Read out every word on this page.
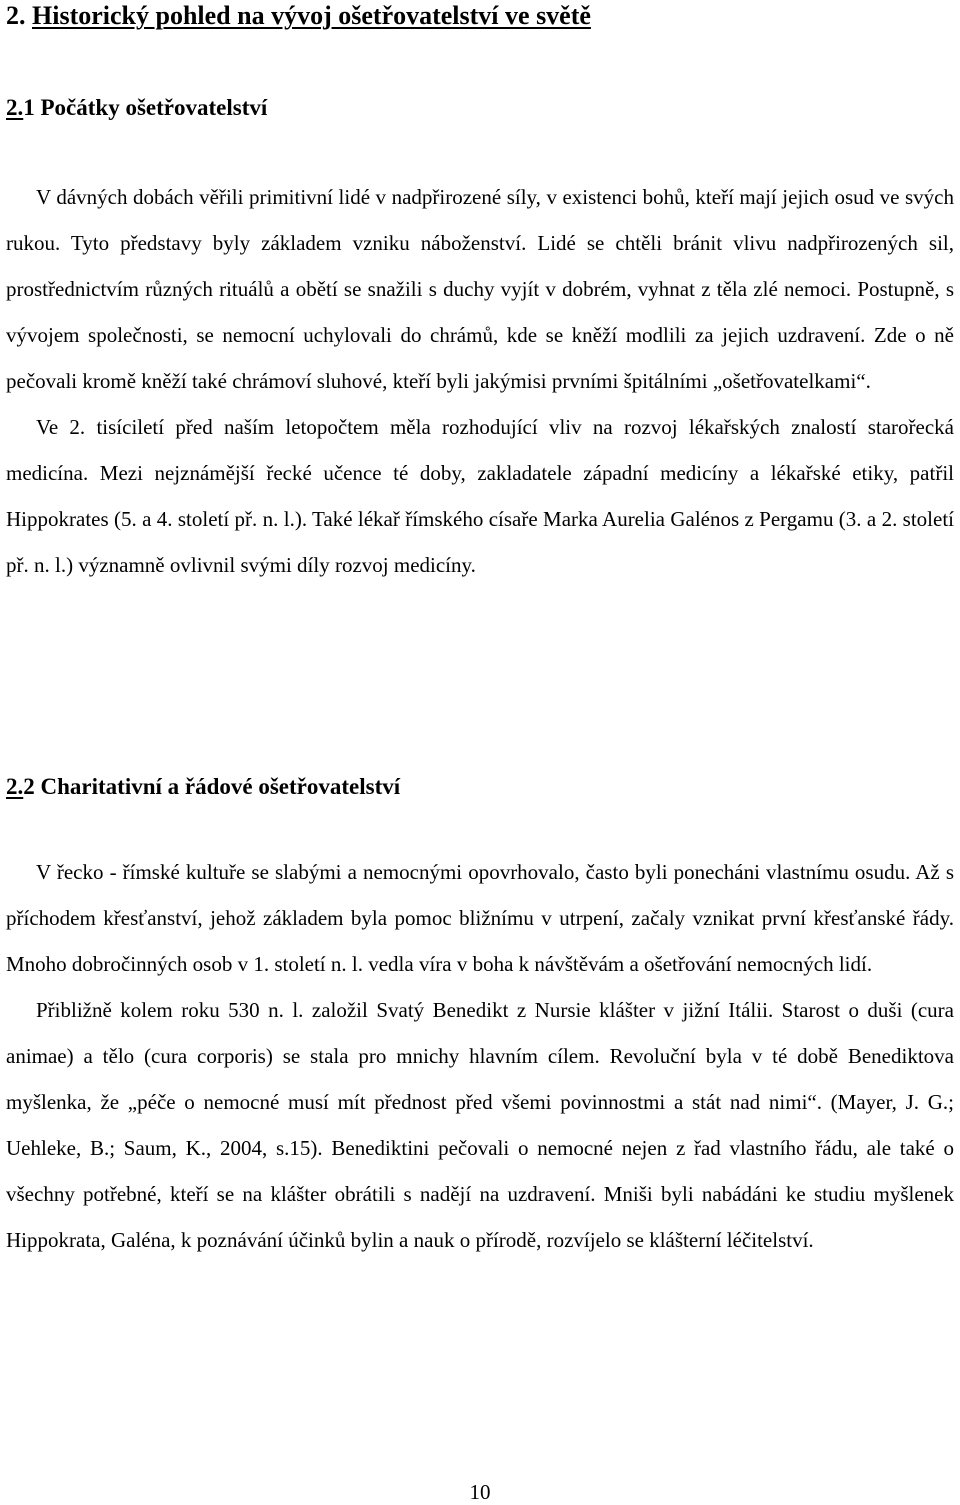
2. Historický pohled na vývoj ošetřovatelství ve světě
2.1 Počátky ošetřovatelství

V dávných dobách věřili primitivní lidé v nadpřirozené síly, v existenci bohů, kteří mají jejich osud ve svých rukou. Tyto představy byly základem vzniku náboženství. Lidé se chtěli bránit vlivu nadpřirozených sil, prostřednictvím různých rituálů a obětí se snažili s duchy vyjít v dobrém, vyhnat z těla zlé nemoci. Postupně, s vývojem společnosti, se nemocní uchylovali do chrámů, kde se kněží modlili za jejich uzdravení. Zde o ně pečovali kromě kněží také chrámoví sluhové, kteří byli jakýmisi prvními špitálními „ošetřovatelkami“.

Ve 2. tisíciletí před naším letopočtem měla rozhodující vliv na rozvoj lékařských znalostí starořecká medicína. Mezi nejznámější řecké učence té doby, zakladatele západní medicíny a lékařské etiky, patřil Hippokrates (5. a 4. století př. n. l.). Také lékař římského císaře Marka Aurelia Galénos z Pergamu (3. a 2. století př. n. l.) významně ovlivnil svými díly rozvoj medicíny.

2.2 Charitativní a řádové ošetřovatelství

V řecko - římské kultuře se slabými a nemocnými opovrhovalo, často byli ponecháni vlastnímu osudu. Až s příchodem křesťanství, jehož základem byla pomoc bližnímu v utrpení, začaly vznikat první křesťanské řády. Mnoho dobročinných osob v 1. století n. l. vedla víra v boha k návštěvám a ošetřování nemocných lidí.

Přibližně kolem roku 530 n. l. založil Svatý Benedikt z Nursie klášter v jižní Itálii. Starost o duši (cura animae) a tělo (cura corporis) se stala pro mnichy hlavním cílem. Revoluční byla v té době Benediktova myšlenka, že „péče o nemocné musí mít přednost před všemi povinnostmi a stát nad nimi“. (Mayer, J. G.; Uehleke, B.; Saum, K., 2004, s.15). Benediktini pečovali o nemocné nejen z řad vlastního řádu, ale také o všechny potřebné, kteří se na klášter obrátili s nadějí na uzdravení. Mniši byli nabádáni ke studiu myšlenek Hippokrata, Galéna, k poznávání účinků bylin a nauk o přírodě, rozvíjelo se klášterní léčitelství.

10
